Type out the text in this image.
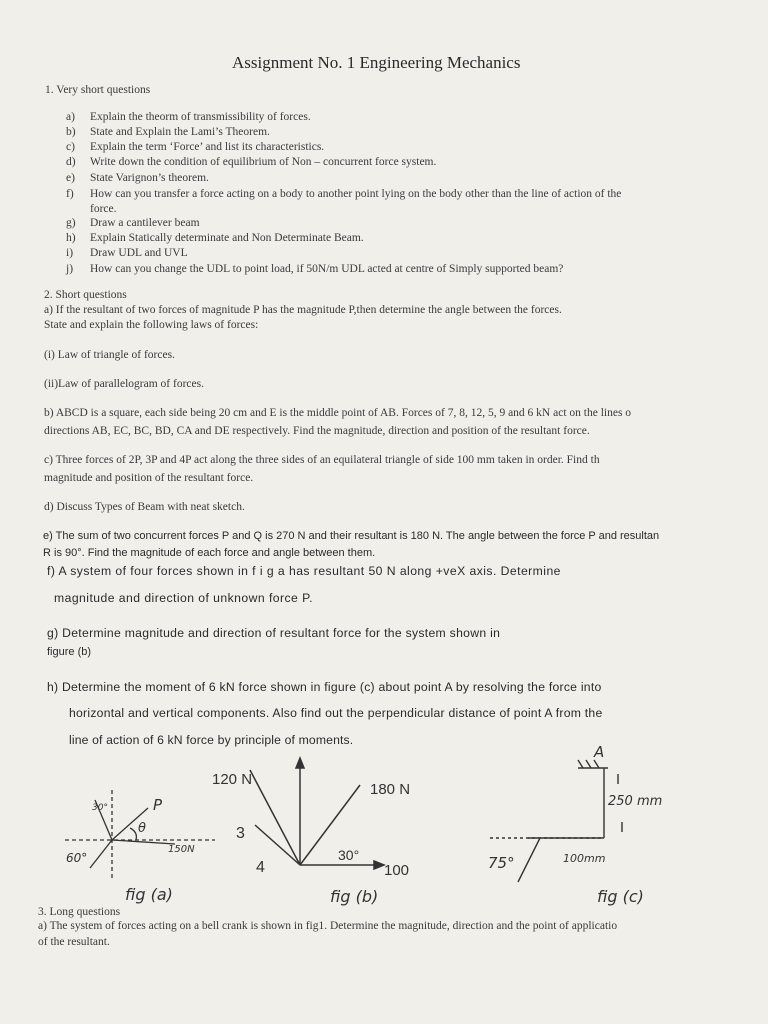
Assignment No. 1 Engineering Mechanics
1. Very short questions
a) Explain the theorm of transmissibility of forces.
b) State and Explain the Lami’s Theorem.
c) Explain the term ‘Force’ and list its characteristics.
d) Write down the condition of equilibrium of Non – concurrent force system.
e) State Varignon’s theorem.
f) How can you transfer a force acting on a body to another point lying on the body other than the line of action of the
force.
g) Draw a cantilever beam
h) Explain Statically determinate and Non Determinate Beam.
i) Draw UDL and UVL
j) How can you change the UDL to point load, if 50N/m UDL acted at centre of Simply supported beam?
2. Short questions
a) If the resultant of two forces of magnitude P has the magnitude P,then determine the angle between the forces.
State and explain the following laws of forces:
(i) Law of triangle of forces.
(ii)Law of parallelogram of forces.
b) ABCD is a square, each side being 20 cm and E is the middle point of AB. Forces of 7, 8, 12, 5, 9 and 6 kN act on the lines o
directions AB, EC, BC, BD, CA and DE respectively. Find the magnitude, direction and position of the resultant force.
c) Three forces of 2P, 3P and 4P act along the three sides of an equilateral triangle of side 100 mm taken in order. Find th
magnitude and position of the resultant force.
d) Discuss Types of Beam with neat sketch.
e) The sum of two concurrent forces P and Q is 270 N and their resultant is 180 N. The angle between the force P and resultan
R is 90°. Find the magnitude of each force and angle between them.
f) A system of four forces shown in f i g a has resultant 50 N along +veX axis. Determine
magnitude and direction of unknown force P.
g) Determine magnitude and direction of resultant force for the system shown in
figure (b)
h) Determine the moment of 6 kN force shown in figure (c) about point A by resolving the force into
horizontal and vertical components. Also find out the perpendicular distance of point A from the
line of action of 6 kN force by principle of moments.
30°	P
θ
150N
60°
fig (a)
120 N
180 N
3
4
30°
100
fig (b)
A
250 mm
75°	100mm
fig (c)
3. Long questions
a) The system of forces acting on a bell crank is shown in fig1. Determine the magnitude, direction and the point of applicatio
of the resultant.
